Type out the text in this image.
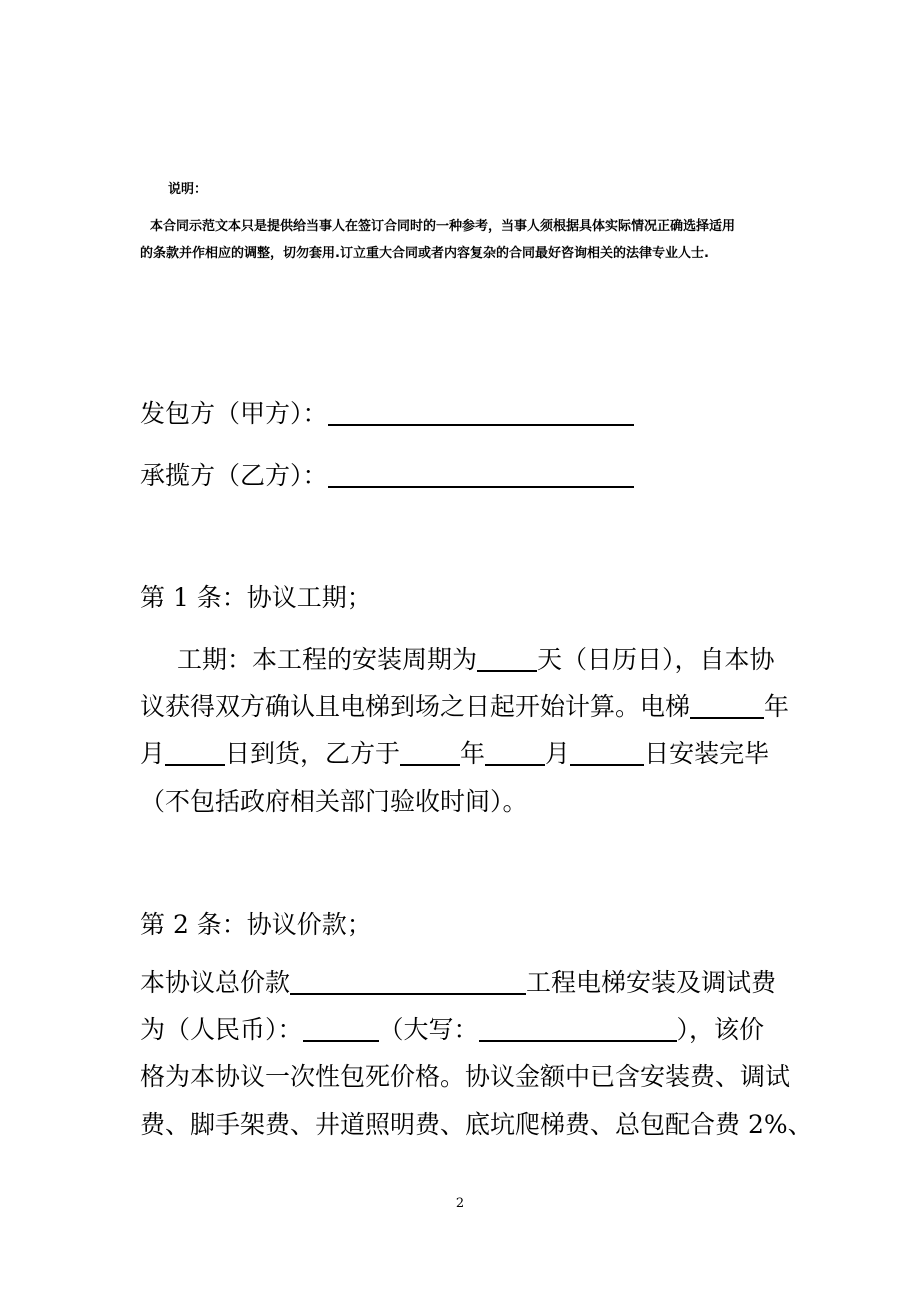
说明：

本合同示范文本只是提供给当事人在签订合同时的一种参考，当事人须根据具体实际情况正确选择适用

的条款并作相应的调整，切勿套用.订立重大合同或者内容复杂的合同最好咨询相关的法律专业人士.

发包方（甲方）：
承揽方（乙方）：
第 1 条：协议工期；
工期：本工程的安装周期为 天（日历日），自本协
议获得双方确认且电梯到场之日起开始计算。电梯	年
月 日到货，乙方于 年 月	日安装完毕
（不包括政府相关部门验收时间）。
第 2 条：协议价款；
本协议总价款	工程电梯安装及调试费
为（人民币）：	（大写：	），该价
格为本协议一次性包死价格。协议金额中已含安装费、调试
费、脚手架费、井道照明费、底坑爬梯费、总包配合费 2%、
2
